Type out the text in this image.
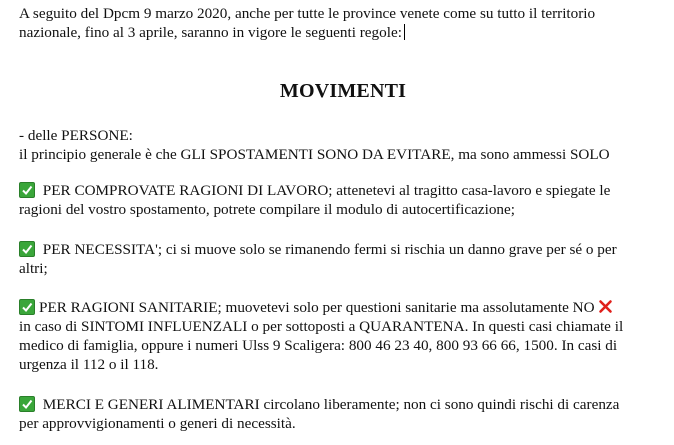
A seguito del Dpcm 9 marzo 2020, anche per tutte le province venete come su tutto il territorio

nazionale, fino al 3 aprile, saranno in vigore le seguenti regole:

MOVIMENTI

- delle PERSONE:

il principio generale è che GLI SPOSTAMENTI SONO DA EVITARE, ma sono ammessi SOLO

PER COMPROVATE RAGIONI DI LAVORO; attenetevi al tragitto casa-lavoro e spiegate le

ragioni del vostro spostamento, potrete compilare il modulo di autocertificazione;

PER NECESSITA'; ci si muove solo se rimanendo fermi si rischia un danno grave per sé o per

altri;

PER RAGIONI SANITARIE; muovetevi solo per questioni sanitarie ma assolutamente NO

in caso di SINTOMI INFLUENZALI o per sottoposti a QUARANTENA. In questi casi chiamate il

medico di famiglia, oppure i numeri Ulss 9 Scaligera: 800 46 23 40, 800 93 66 66, 1500. In casi di

urgenza il 112 o il 118.

MERCI E GENERI ALIMENTARI circolano liberamente; non ci sono quindi rischi di carenza

per approvvigionamenti o generi di necessità.
